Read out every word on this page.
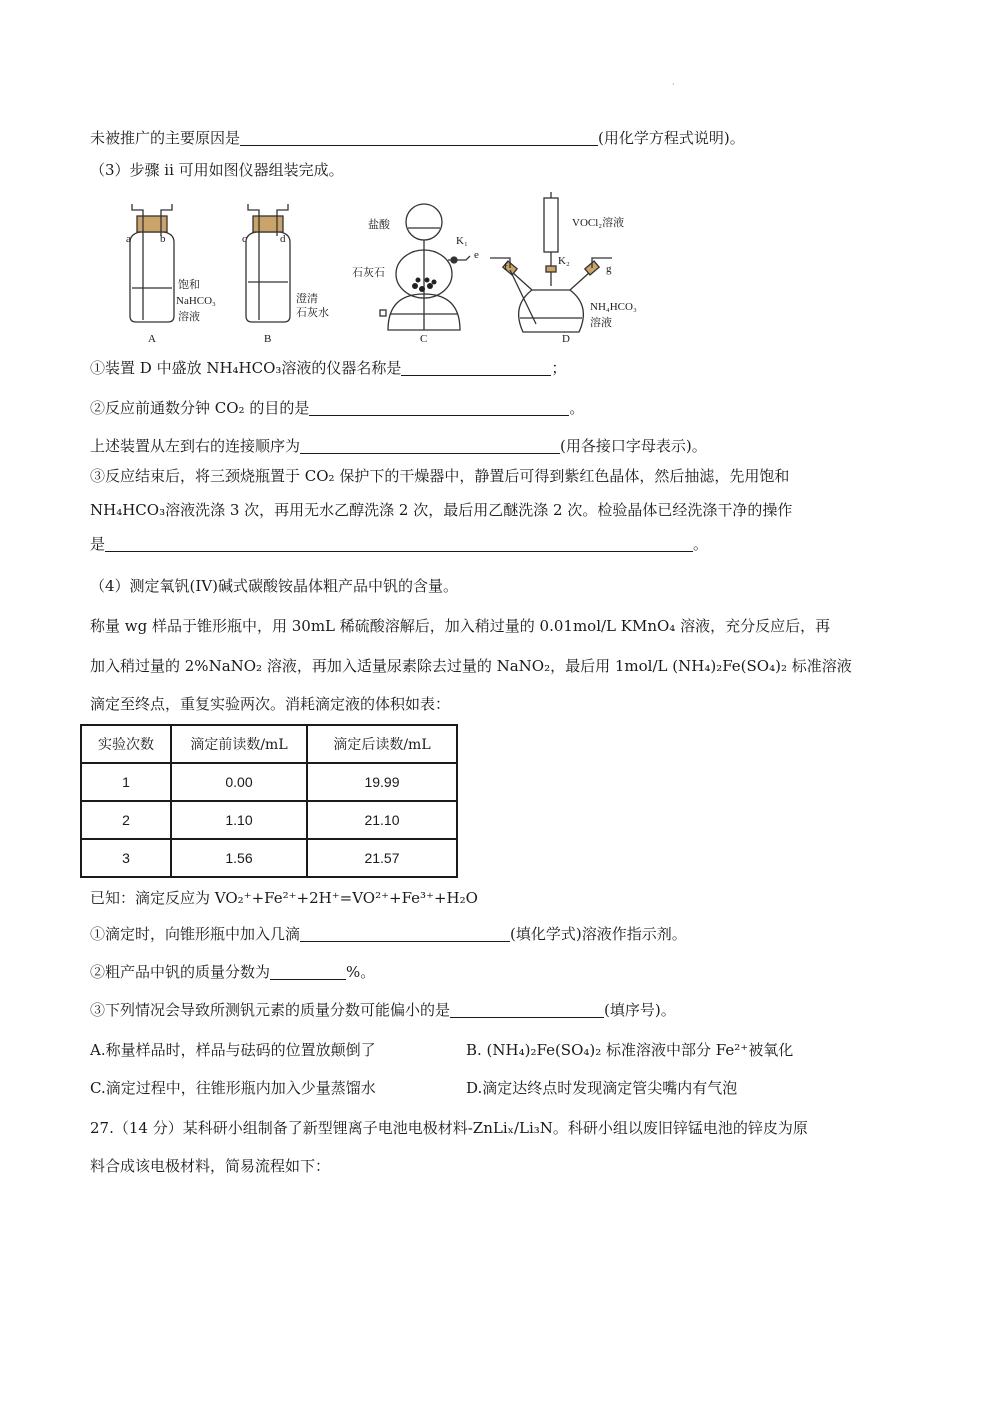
·
未被推广的主要原因是	(用化学方程式说明)。
（3）步骤 ii 可用如图仪器组装完成。
a	b
饱和
NaHCO₃
溶液
A
c	d
澄清
石灰水
B
盐酸
石灰石
K₁
e
C
VOCl₂溶液
K₂
f	g
NH₄HCO₃
溶液
D
①装置 D 中盛放 NH₄HCO₃溶液的仪器名称是	；
②反应前通数分钟 CO₂ 的目的是	。
上述装置从左到右的连接顺序为	(用各接口字母表示)。
③反应结束后，将三颈烧瓶置于 CO₂ 保护下的干燥器中，静置后可得到紫红色晶体，然后抽滤，先用饱和
NH₄HCO₃溶液洗涤 3 次，再用无水乙醇洗涤 2 次，最后用乙醚洗涤 2 次。检验晶体已经洗涤干净的操作
是	。
（4）测定氧钒(IV)碱式碳酸铵晶体粗产品中钒的含量。
称量 wg 样品于锥形瓶中，用 30mL 稀硫酸溶解后，加入稍过量的 0.01mol/L KMnO₄ 溶液，充分反应后，再
加入稍过量的 2%NaNO₂ 溶液，再加入适量尿素除去过量的 NaNO₂，最后用 1mol/L (NH₄)₂Fe(SO₄)₂ 标准溶液
滴定至终点，重复实验两次。消耗滴定液的体积如表：
实验次数	滴定前读数/mL	滴定后读数/mL
1	0.00	19.99
2	1.10	21.10
3	1.56	21.57
已知：滴定反应为 VO₂⁺+Fe²⁺+2H⁺=VO²⁺+Fe³⁺+H₂O
①滴定时，向锥形瓶中加入几滴	(填化学式)溶液作指示剂。
②粗产品中钒的质量分数为	%。
③下列情况会导致所测钒元素的质量分数可能偏小的是	(填序号)。
A.称量样品时，样品与砝码的位置放颠倒了	B. (NH₄)₂Fe(SO₄)₂ 标准溶液中部分 Fe²⁺被氧化
C.滴定过程中，往锥形瓶内加入少量蒸馏水	D.滴定达终点时发现滴定管尖嘴内有气泡
27.（14 分）某科研小组制备了新型锂离子电池电极材料-ZnLiₓ/Li₃N。科研小组以废旧锌锰电池的锌皮为原
料合成该电极材料，简易流程如下：
